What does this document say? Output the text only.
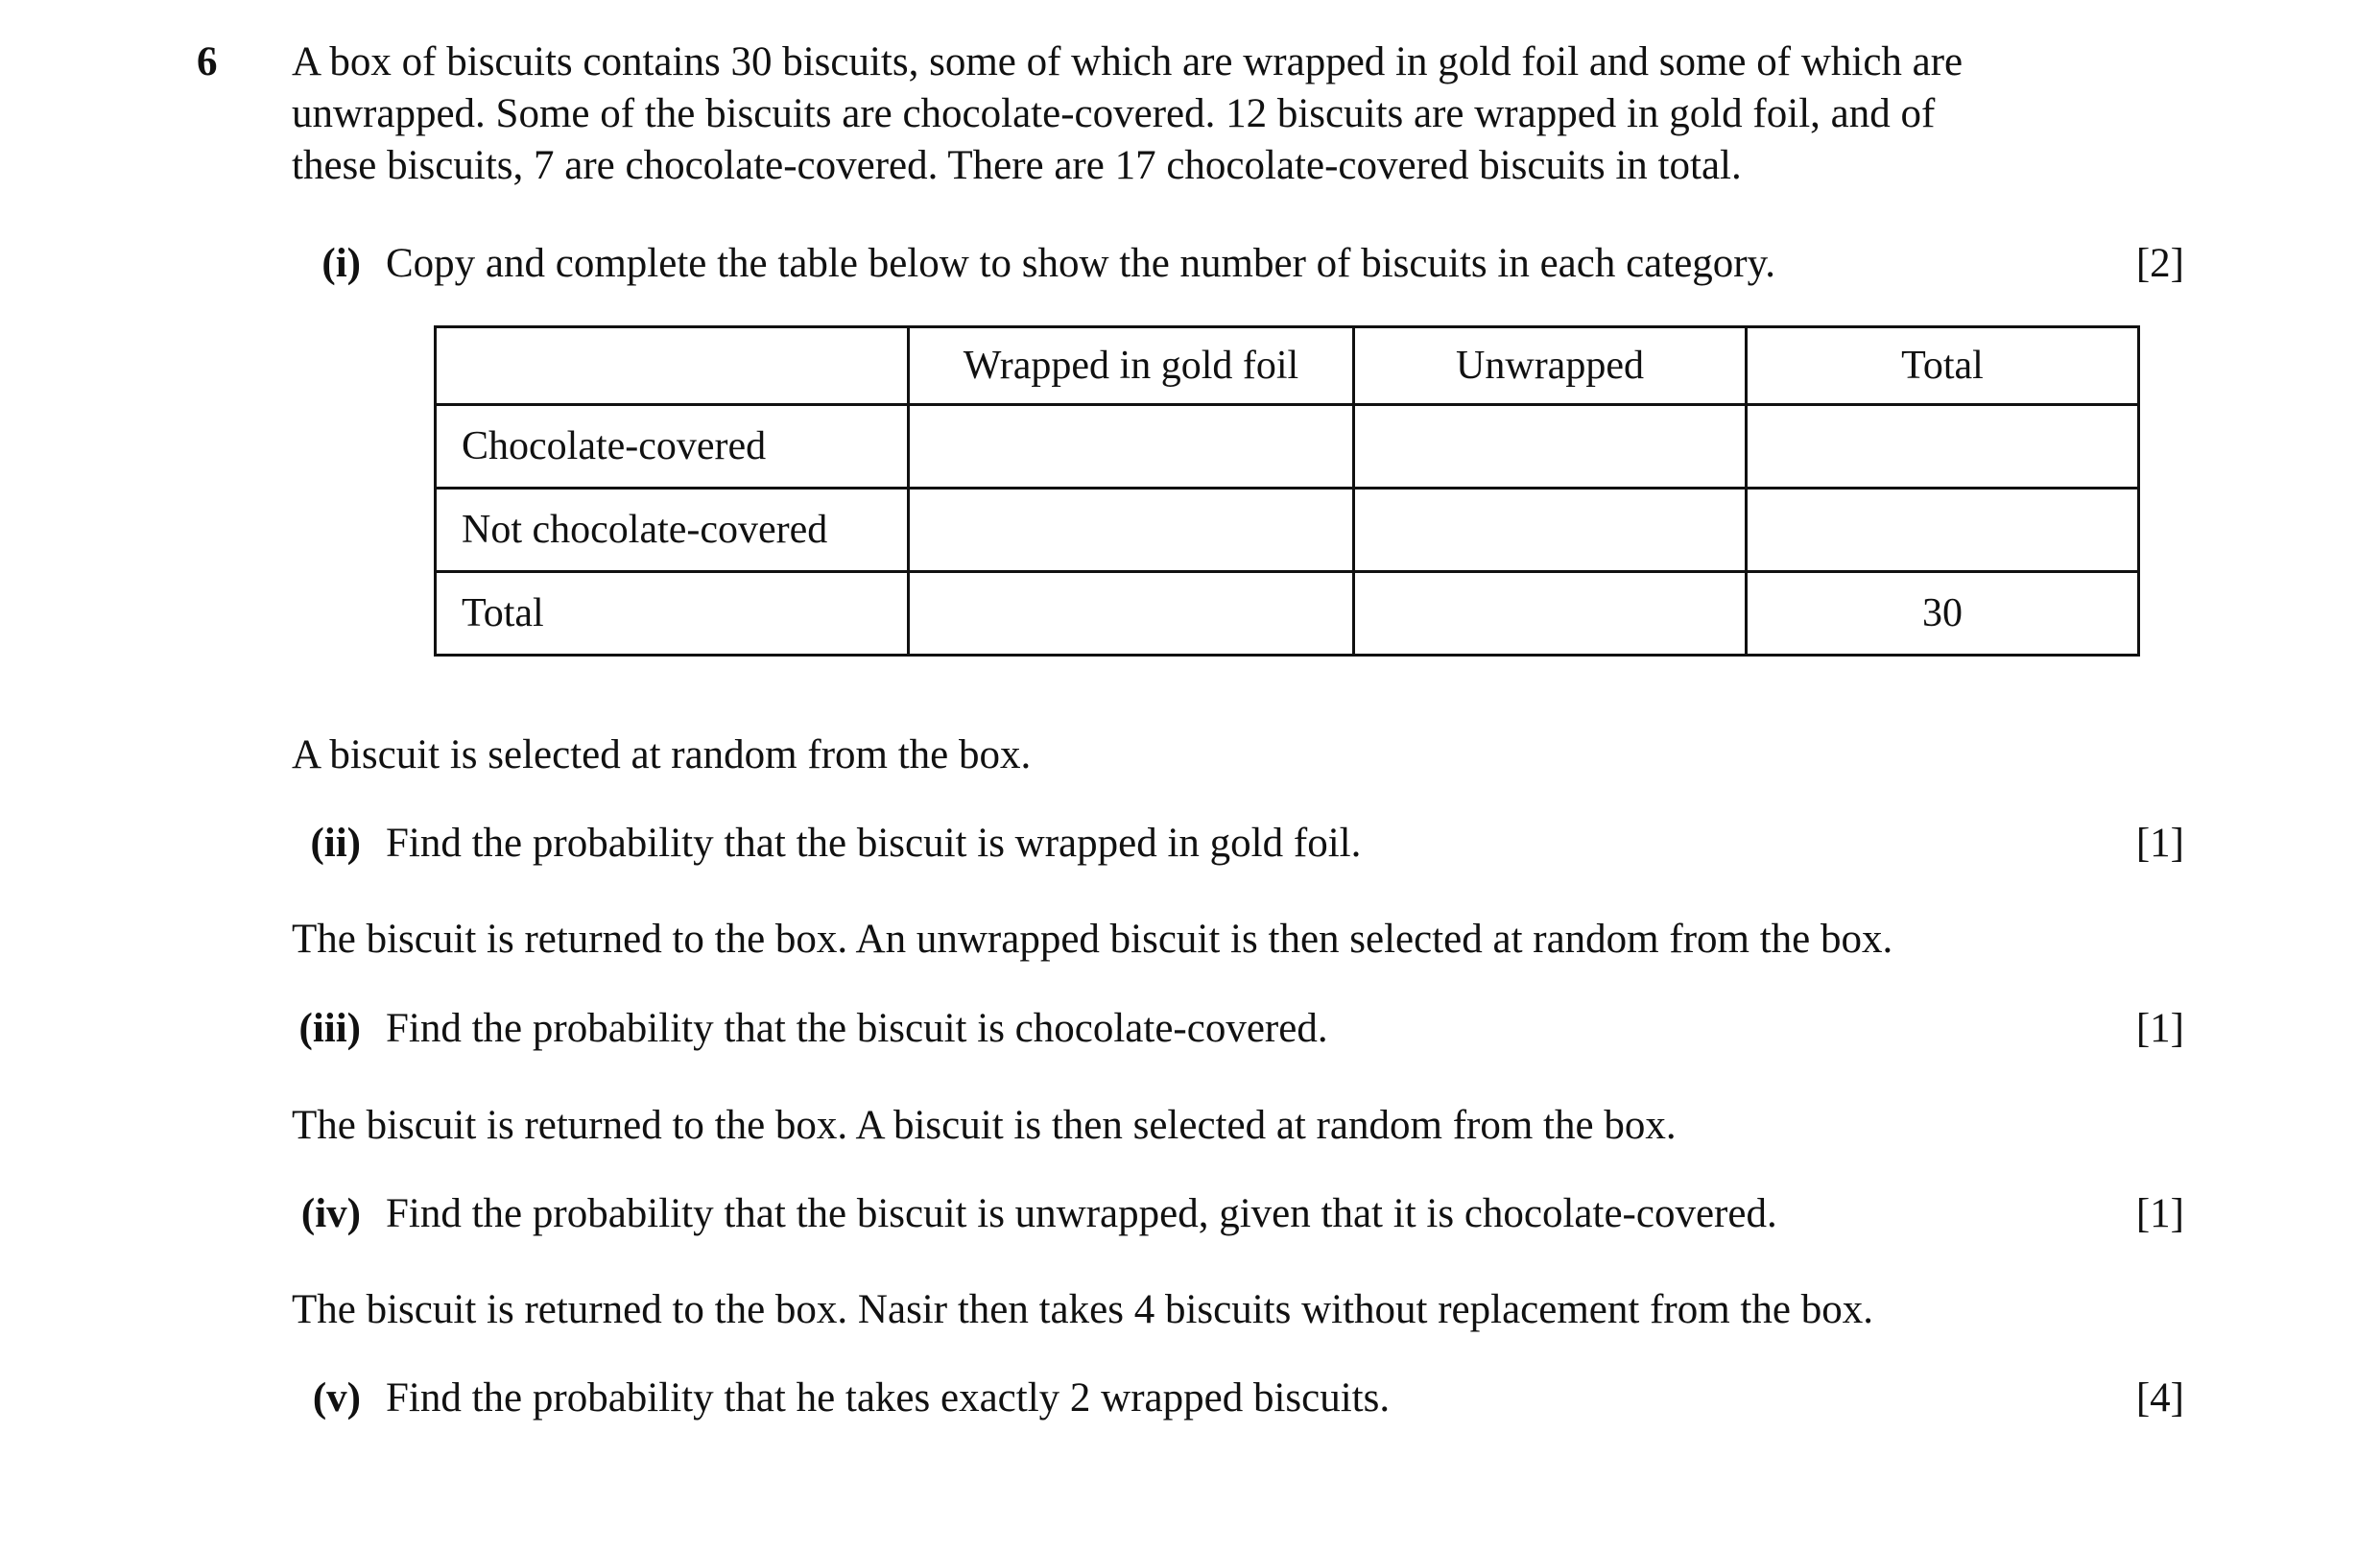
6 A box of biscuits contains 30 biscuits, some of which are wrapped in gold foil and some of which are
unwrapped. Some of the biscuits are chocolate-covered. 12 biscuits are wrapped in gold foil, and of
these biscuits, 7 are chocolate-covered. There are 17 chocolate-covered biscuits in total.
(i) Copy and complete the table below to show the number of biscuits in each category.	[2]
	Wrapped in gold foil	Unwrapped	Total
Chocolate-covered			
Not chocolate-covered			
Total			30
A biscuit is selected at random from the box.
(ii) Find the probability that the biscuit is wrapped in gold foil.	[1]
The biscuit is returned to the box. An unwrapped biscuit is then selected at random from the box.
(iii) Find the probability that the biscuit is chocolate-covered.	[1]
The biscuit is returned to the box. A biscuit is then selected at random from the box.
(iv) Find the probability that the biscuit is unwrapped, given that it is chocolate-covered.	[1]
The biscuit is returned to the box. Nasir then takes 4 biscuits without replacement from the box.
(v) Find the probability that he takes exactly 2 wrapped biscuits.	[4]
